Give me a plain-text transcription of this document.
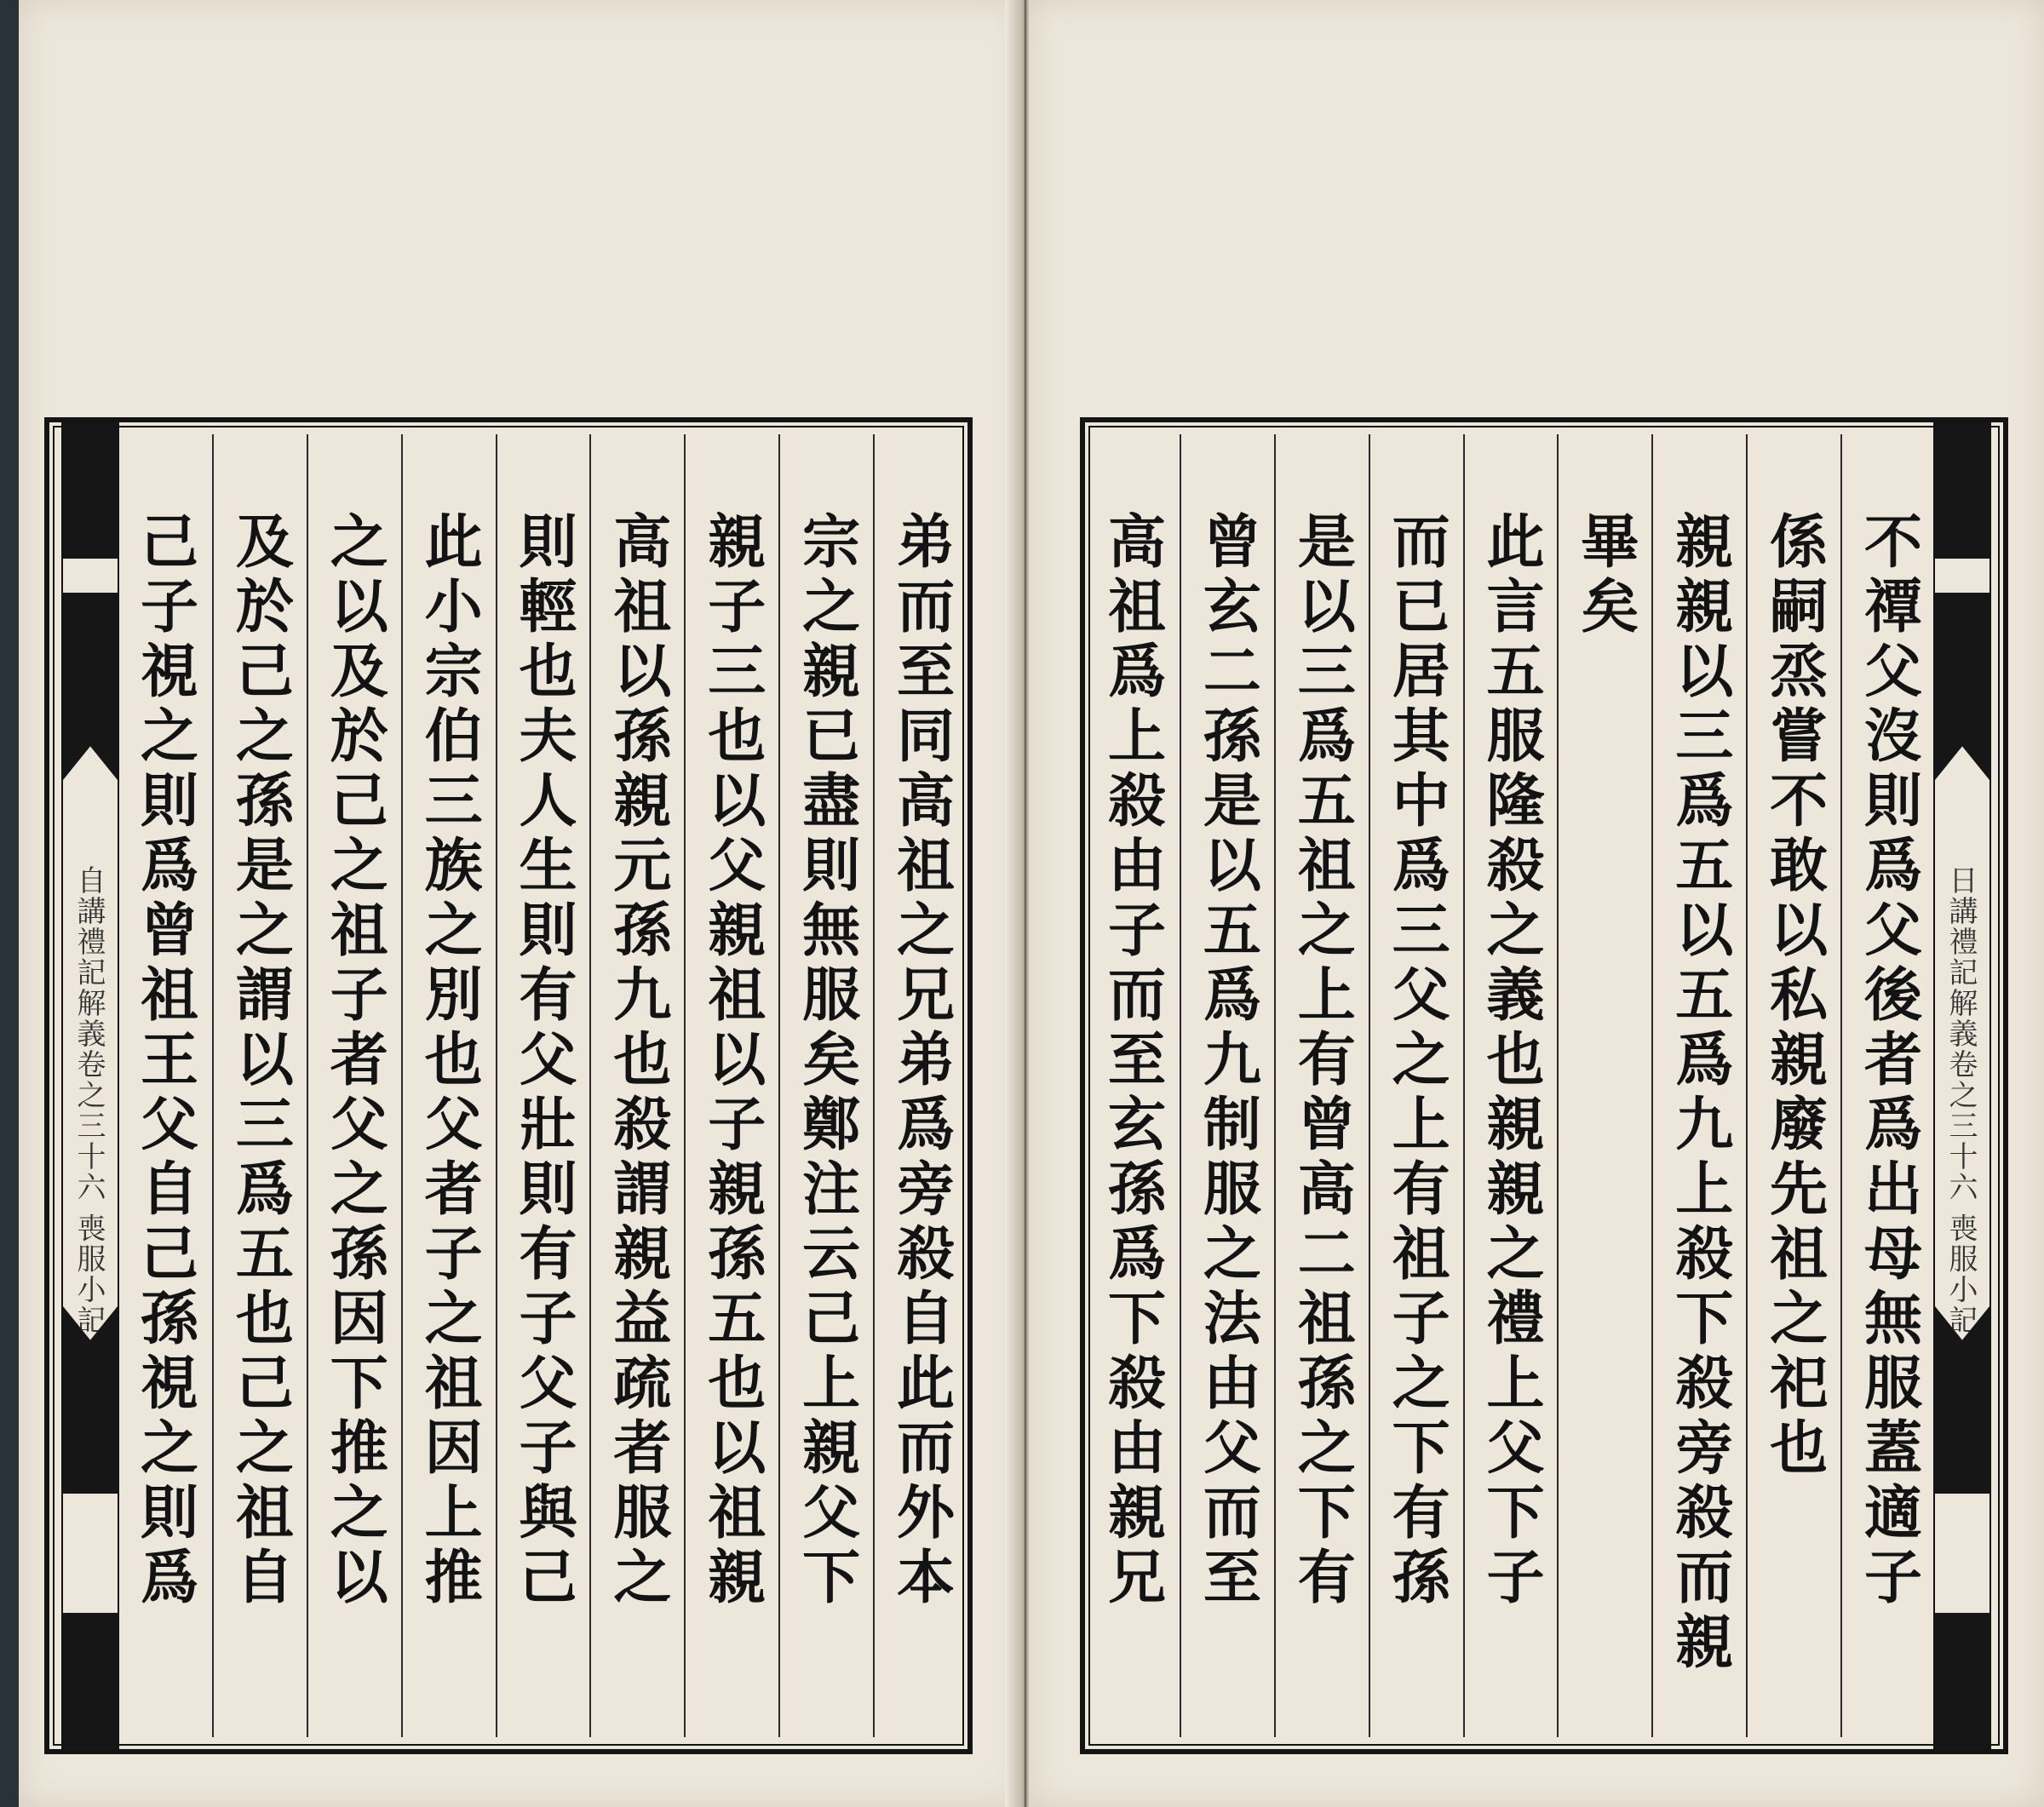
自講禮記解義卷之三十六 喪服小記
五	弟而至同高祖之兄弟爲旁殺自此而外本
宗之親已盡則無服矣鄭注云己上親父下
親子三也以父親祖以子親孫五也以祖親
高祖以孫親元孫九也殺謂親益疏者服之
則輕也夫人生則有父壯則有子父子與己
此小宗伯三族之別也父者子之祖因上推
之以及於己之祖子者父之孫因下推之以
及於己之孫是之謂以三爲五也己之祖自
己子視之則爲曾祖王父自己孫視之則爲	不禫父沒則爲父後者爲出母無服蓋適子
係嗣烝嘗不敢以私親廢先祖之祀也
親親以三爲五以五爲九上殺下殺旁殺而親
畢矣
此言五服隆殺之義也親親之禮上父下子
而已居其中爲三父之上有祖子之下有孫
是以三爲五祖之上有曾高二祖孫之下有
曾玄二孫是以五爲九制服之法由父而至
高祖爲上殺由子而至玄孫爲下殺由親兄	日講禮記解義卷之三十六 喪服小記
四
